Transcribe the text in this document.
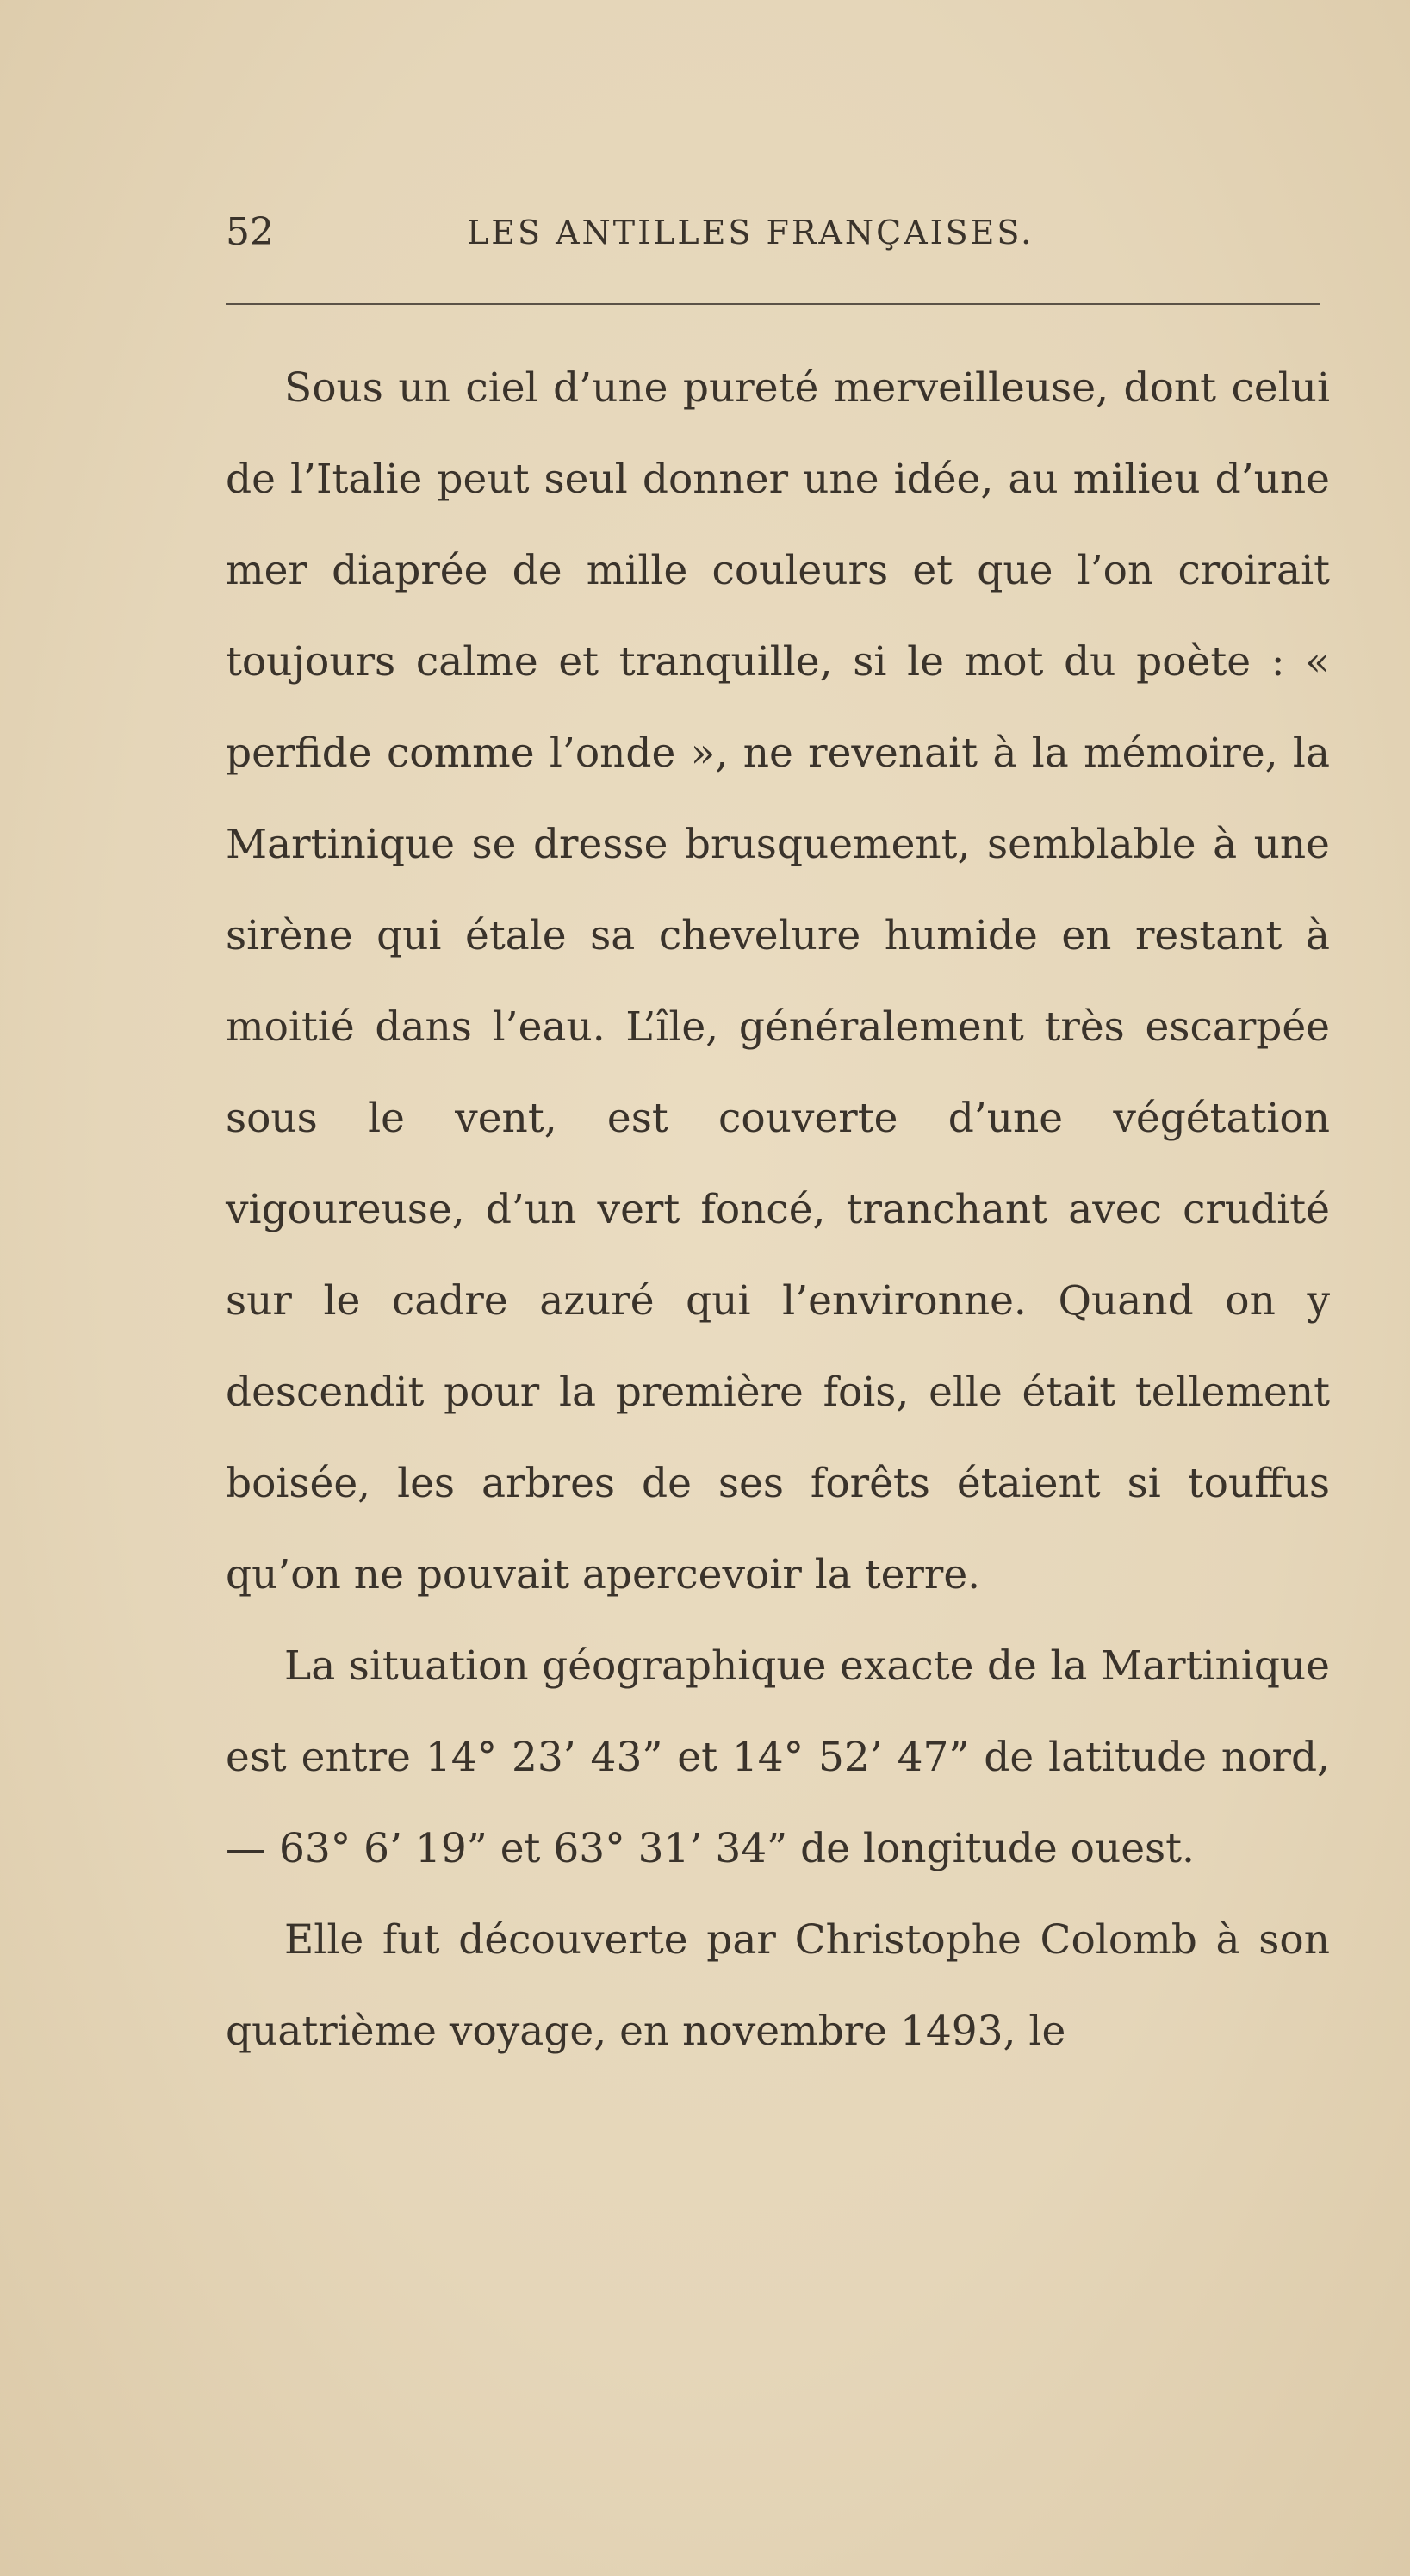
52	LES ANTILLES FRANÇAISES.

Sous un ciel d’une pureté merveilleuse, dont celui de l’Italie peut seul donner une idée, au milieu d’une mer diaprée de mille couleurs et que l’on croirait toujours calme et tranquille, si le mot du poète : « perfide comme l’onde », ne revenait à la mémoire, la Martinique se dresse brusquement, semblable à une sirène qui étale sa chevelure humide en restant à moitié dans l’eau. L’île, généralement très escarpée sous le vent, est couverte d’une végétation vigoureuse, d’un vert foncé, tranchant avec crudité sur le cadre azuré qui l’environne. Quand on y descendit pour la première fois, elle était tellement boisée, les arbres de ses forêts étaient si touffus qu’on ne pouvait apercevoir la terre.

La situation géographique exacte de la Martinique est entre 14° 23’ 43” et 14° 52’ 47” de latitude nord, — 63° 6’ 19” et 63° 31’ 34” de longitude ouest.

Elle fut découverte par Christophe Colomb à son quatrième voyage, en novembre 1493, le
